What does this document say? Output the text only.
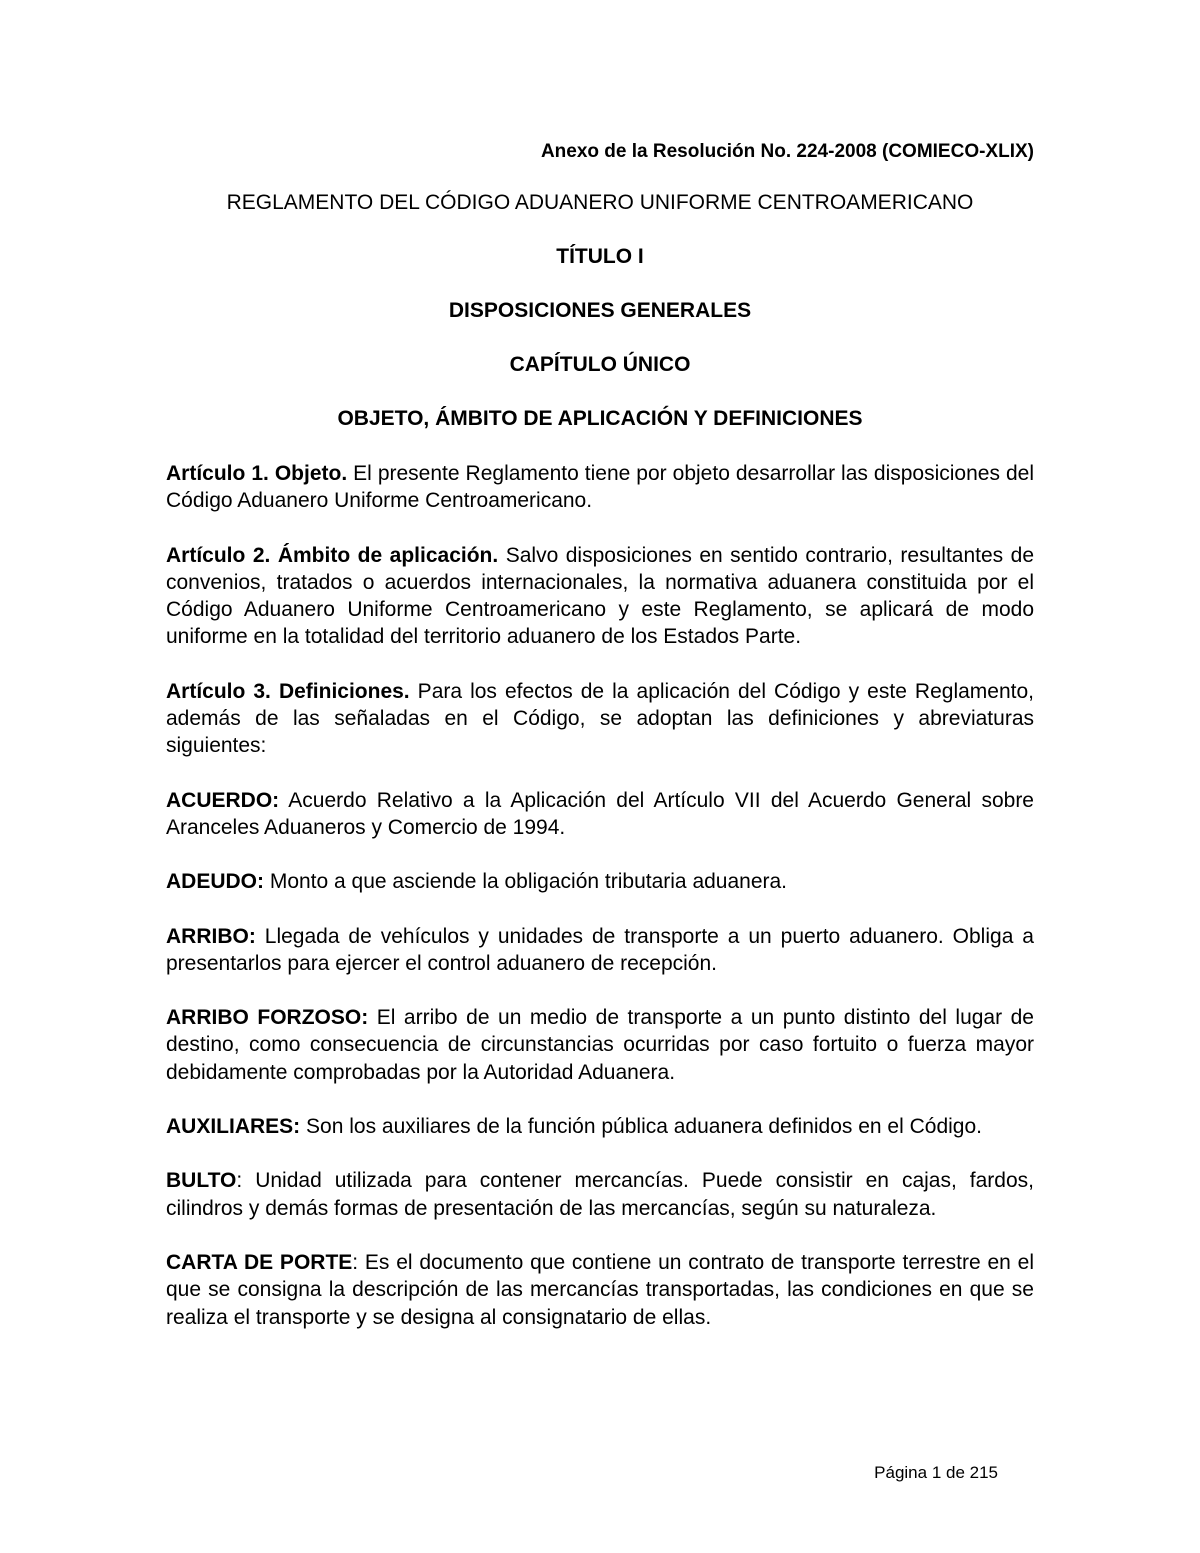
Anexo de la Resolución No. 224-2008 (COMIECO-XLIX)
REGLAMENTO DEL CÓDIGO ADUANERO UNIFORME CENTROAMERICANO
TÍTULO I
DISPOSICIONES GENERALES
CAPÍTULO ÚNICO
OBJETO, ÁMBITO DE APLICACIÓN Y DEFINICIONES

Artículo 1. Objeto. El presente Reglamento tiene por objeto desarrollar las disposiciones del Código Aduanero Uniforme Centroamericano.

Artículo 2. Ámbito de aplicación. Salvo disposiciones en sentido contrario, resultantes de convenios, tratados o acuerdos internacionales, la normativa aduanera constituida por el Código Aduanero Uniforme Centroamericano y este Reglamento, se aplicará de modo uniforme en la totalidad del territorio aduanero de los Estados Parte.

Artículo 3. Definiciones. Para los efectos de la aplicación del Código y este Reglamento, además de las señaladas en el Código, se adoptan las definiciones y abreviaturas siguientes:

ACUERDO: Acuerdo Relativo a la Aplicación del Artículo VII del Acuerdo General sobre Aranceles Aduaneros y Comercio de 1994.

ADEUDO: Monto a que asciende la obligación tributaria aduanera.

ARRIBO: Llegada de vehículos y unidades de transporte a un puerto aduanero. Obliga a presentarlos para ejercer el control aduanero de recepción.

ARRIBO FORZOSO: El arribo de un medio de transporte a un punto distinto del lugar de destino, como consecuencia de circunstancias ocurridas por caso fortuito o fuerza mayor debidamente comprobadas por la Autoridad Aduanera.

AUXILIARES: Son los auxiliares de la función pública aduanera definidos en el Código.

BULTO: Unidad utilizada para contener mercancías. Puede consistir en cajas, fardos, cilindros y demás formas de presentación de las mercancías, según su naturaleza.

CARTA DE PORTE: Es el documento que contiene un contrato de transporte terrestre en el que se consigna la descripción de las mercancías transportadas, las condiciones en que se realiza el transporte y se designa al consignatario de ellas.

Página 1 de 215
